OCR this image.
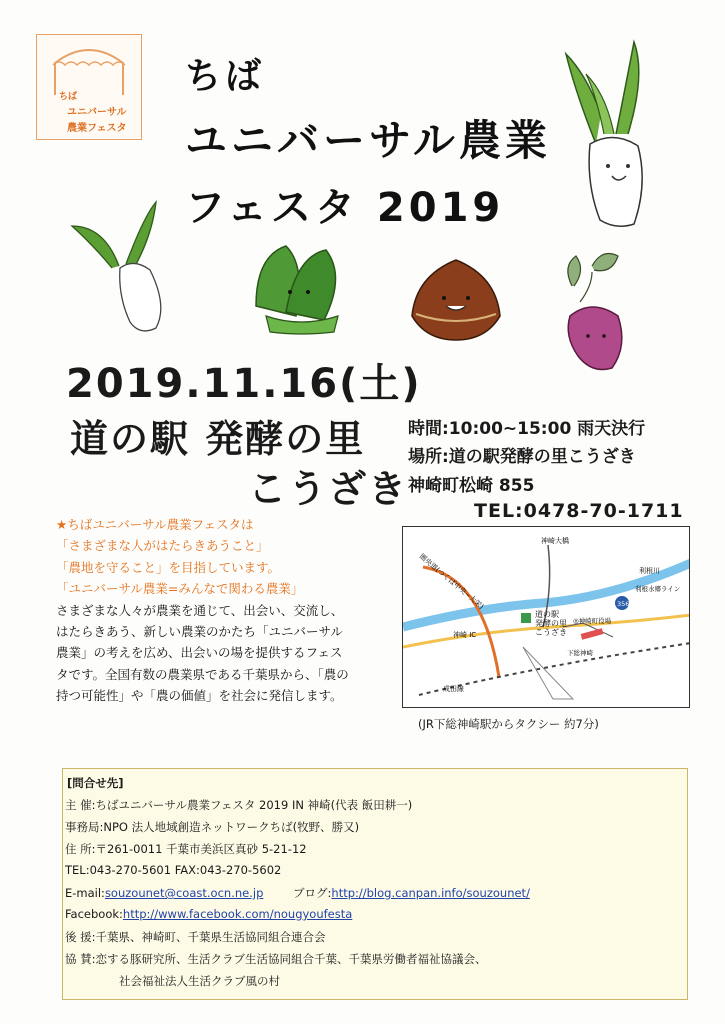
ちば
ユニバーサル
農業フェスタ
ちば
ユニバーサル農業
フェスタ 2019
2019.11.16(土)
道の駅 発酵の里
こうざき
時間:10:00~15:00 雨天決行
場所:道の駅発酵の里こうざき
神崎町松崎 855
TEL:0478-70-1711
★ちばユニバーサル農業フェスタは
「さまざまな人がはたらきあうこと」
「農地を守ること」を目指しています。
「ユニバーサル農業=みんなで関わる農業」
さまざまな人々が農業を通じて、出会い、交流し、
はたらきあう、新しい農業のかたち「ユニバーサル
農業」の考えを広め、出会いの場を提供するフェス
タです。全国有数の農業県である千葉県から、「農の
持つ可能性」や「農の価値」を社会に発信します。
圏央道(つくば中央~大栄)
神崎大橋
利根川
利根水郷ライン
356
神崎 IC
道の駅発酵の里こうざき
◎神崎町役場
下総神崎
成田線
(JR下総神崎駅からタクシー 約7分)
[問合せ先]
主 催:ちばユニバーサル農業フェスタ 2019 IN 神崎(代表 飯田耕一)
事務局:NPO 法人地域創造ネットワークちば(牧野、勝又)
住 所:〒261-0011 千葉市美浜区真砂 5-21-12
TEL:043-270-5601 FAX:043-270-5602
E-mail:souzounet@coast.ocn.ne.jp	ブログ:http://blog.canpan.info/souzounet/
Facebook:http://www.facebook.com/nougyoufesta
後 援:千葉県、神崎町、千葉県生活協同組合連合会
協 賛:恋する豚研究所、生活クラブ生活協同組合千葉、千葉県労働者福祉協議会、
社会福祉法人生活クラブ風の村
